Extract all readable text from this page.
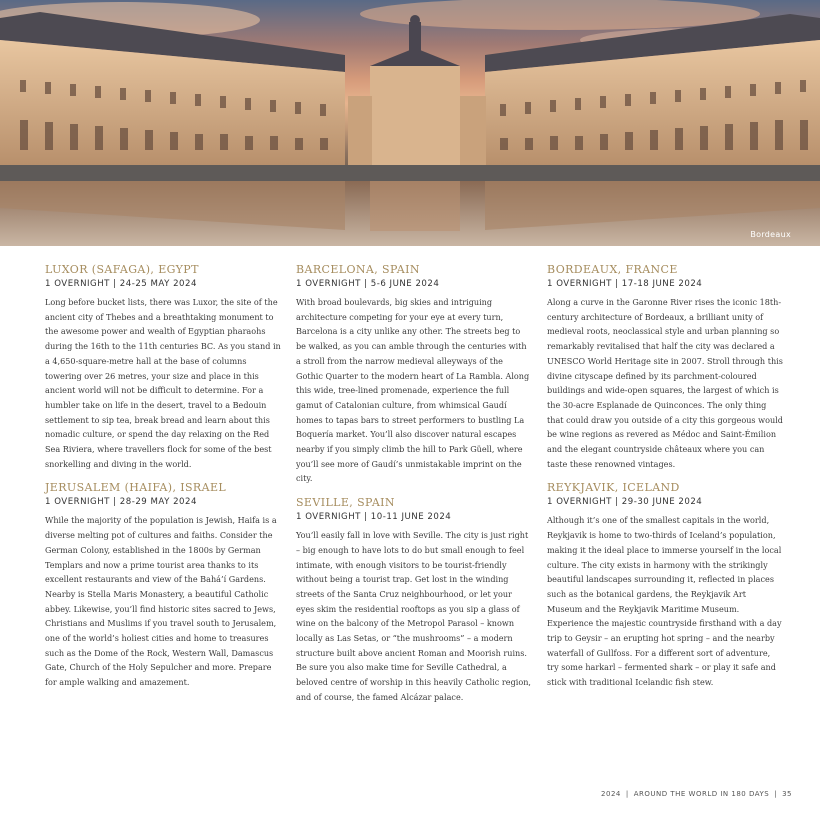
Bordeaux
LUXOR (SAFAGA), EGYPT

1 OVERNIGHT | 24-25 MAY 2024

Long before bucket lists, there was Luxor, the site of the ancient city of Thebes and a breathtaking monument to the awesome power and wealth of Egyptian pharaohs during the 16th to the 11th centuries BC. As you stand in a 4,650-square-metre hall at the base of columns towering over 26 metres, your size and place in this ancient world will not be difficult to determine. For a humbler take on life in the desert, travel to a Bedouin settlement to sip tea, break bread and learn about this nomadic culture, or spend the day relaxing on the Red Sea Riviera, where travellers flock for some of the best snorkelling and diving in the world.

JERUSALEM (HAIFA), ISRAEL

1 OVERNIGHT | 28-29 MAY 2024

While the majority of the population is Jewish, Haifa is a diverse melting pot of cultures and faiths. Consider the German Colony, established in the 1800s by German Templars and now a prime tourist area thanks to its excellent restaurants and view of the Bahá’í Gardens. Nearby is Stella Maris Monastery, a beautiful Catholic abbey. Likewise, you’ll find historic sites sacred to Jews, Christians and Muslims if you travel south to Jerusalem, one of the world’s holiest cities and home to treasures such as the Dome of the Rock, Western Wall, Damascus Gate, Church of the Holy Sepulcher and more. Prepare for ample walking and amazement.

BARCELONA, SPAIN

1 OVERNIGHT | 5-6 JUNE 2024

With broad boulevards, big skies and intriguing architecture competing for your eye at every turn, Barcelona is a city unlike any other. The streets beg to be walked, as you can amble through the centuries with a stroll from the narrow medieval alleyways of the Gothic Quarter to the modern heart of La Rambla. Along this wide, tree-lined promenade, experience the full gamut of Catalonian culture, from whimsical Gaudí homes to tapas bars to street performers to bustling La Boquería market. You’ll also discover natural escapes nearby if you simply climb the hill to Park Güell, where you’ll see more of Gaudí’s unmistakable imprint on the city.

SEVILLE, SPAIN

1 OVERNIGHT | 10-11 JUNE 2024

You’ll easily fall in love with Seville. The city is just right – big enough to have lots to do but small enough to feel intimate, with enough visitors to be tourist-friendly without being a tourist trap. Get lost in the winding streets of the Santa Cruz neighbourhood, or let your eyes skim the residential rooftops as you sip a glass of wine on the balcony of the Metropol Parasol – known locally as Las Setas, or “the mushrooms” – a modern structure built above ancient Roman and Moorish ruins. Be sure you also make time for Seville Cathedral, a beloved centre of worship in this heavily Catholic region, and of course, the famed Alcázar palace.

BORDEAUX, FRANCE

1 OVERNIGHT | 17-18 JUNE 2024

Along a curve in the Garonne River rises the iconic 18th-century architecture of Bordeaux, a brilliant unity of medieval roots, neoclassical style and urban planning so remarkably revitalised that half the city was declared a UNESCO World Heritage site in 2007. Stroll through this divine cityscape defined by its parchment-coloured buildings and wide-open squares, the largest of which is the 30-acre Esplanade de Quinconces. The only thing that could draw you outside of a city this gorgeous would be wine regions as revered as Médoc and Saint-Émilion and the elegant countryside châteaux where you can taste these renowned vintages.

REYKJAVIK, ICELAND

1 OVERNIGHT | 29-30 JUNE 2024

Although it’s one of the smallest capitals in the world, Reykjavik is home to two-thirds of Iceland’s population, making it the ideal place to immerse yourself in the local culture. The city exists in harmony with the strikingly beautiful landscapes surrounding it, reflected in places such as the botanical gardens, the Reykjavik Art Museum and the Reykjavik Maritime Museum. Experience the majestic countryside firsthand with a day trip to Geysir – an erupting hot spring – and the nearby waterfall of Gullfoss. For a different sort of adventure, try some harkarl – fermented shark – or play it safe and stick with traditional Icelandic fish stew.

2024 | AROUND THE WORLD IN 180 DAYS | 35
